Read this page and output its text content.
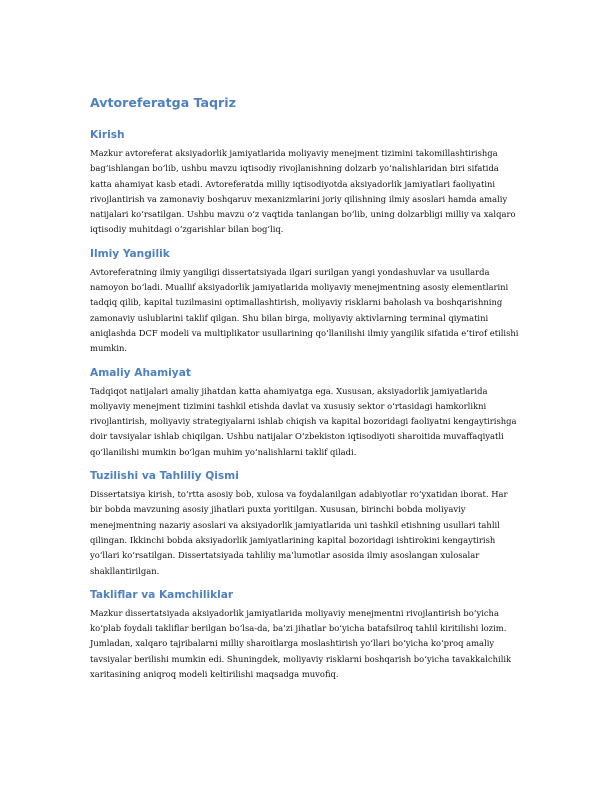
Avtoreferatga Taqriz
Kirish

Mazkur avtoreferat aksiyadorlik jamiyatlarida moliyaviy menejment tizimini takomillashtirishga bag‘ishlangan bo‘lib, ushbu mavzu iqtisodiy rivojlanishning dolzarb yo‘nalishlaridan biri sifatida katta ahamiyat kasb etadi. Avtoreferatda milliy iqtisodiyotda aksiyadorlik jamiyatlari faoliyatini rivojlantirish va zamonaviy boshqaruv mexanizmlarini joriy qilishning ilmiy asoslari hamda amaliy natijalari ko‘rsatilgan. Ushbu mavzu o‘z vaqtida tanlangan bo‘lib, uning dolzarbligi milliy va xalqaro iqtisodiy muhitdagi o‘zgarishlar bilan bog‘liq.

Ilmiy Yangilik

Avtoreferatning ilmiy yangiligi dissertatsiyada ilgari surilgan yangi yondashuvlar va usullarda namoyon bo‘ladi. Muallif aksiyadorlik jamiyatlarida moliyaviy menejmentning asosiy elementlarini tadqiq qilib, kapital tuzilmasini optimallashtirish, moliyaviy risklarni baholash va boshqarishning zamonaviy uslublarini taklif qilgan. Shu bilan birga, moliyaviy aktivlarning terminal qiymatini aniqlashda DCF modeli va multiplikator usullarining qo‘llanilishi ilmiy yangilik sifatida e’tirof etilishi mumkin.

Amaliy Ahamiyat

Tadqiqot natijalari amaliy jihatdan katta ahamiyatga ega. Xususan, aksiyadorlik jamiyatlarida moliyaviy menejment tizimini tashkil etishda davlat va xususiy sektor o‘rtasidagi hamkorlikni rivojlantirish, moliyaviy strategiyalarni ishlab chiqish va kapital bozoridagi faoliyatni kengaytirishga doir tavsiyalar ishlab chiqilgan. Ushbu natijalar O‘zbekiston iqtisodiyoti sharoitida muvaffaqiyatli qo‘llanilishi mumkin bo‘lgan muhim yo‘nalishlarni taklif qiladi.

Tuzilishi va Tahliliy Qismi

Dissertatsiya kirish, to‘rtta asosiy bob, xulosa va foydalanilgan adabiyotlar ro‘yxatidan iborat. Har bir bobda mavzuning asosiy jihatlari puxta yoritilgan. Xususan, birinchi bobda moliyaviy menejmentning nazariy asoslari va aksiyadorlik jamiyatlarida uni tashkil etishning usullari tahlil qilingan. Ikkinchi bobda aksiyadorlik jamiyatlarining kapital bozoridagi ishtirokini kengaytirish yo‘llari ko‘rsatilgan. Dissertatsiyada tahliliy ma’lumotlar asosida ilmiy asoslangan xulosalar shakllantirilgan.

Takliflar va Kamchiliklar

Mazkur dissertatsiyada aksiyadorlik jamiyatlarida moliyaviy menejmentni rivojlantirish bo‘yicha ko‘plab foydali takliflar berilgan bo‘lsa-da, ba’zi jihatlar bo‘yicha batafsilroq tahlil kiritilishi lozim. Jumladan, xalqaro tajribalarni milliy sharoitlarga moslashtirish yo‘llari bo‘yicha ko‘proq amaliy tavsiyalar berilishi mumkin edi. Shuningdek, moliyaviy risklarni boshqarish bo‘yicha tavakkalchilik xaritasining aniqroq modeli keltirilishi maqsadga muvofiq.
